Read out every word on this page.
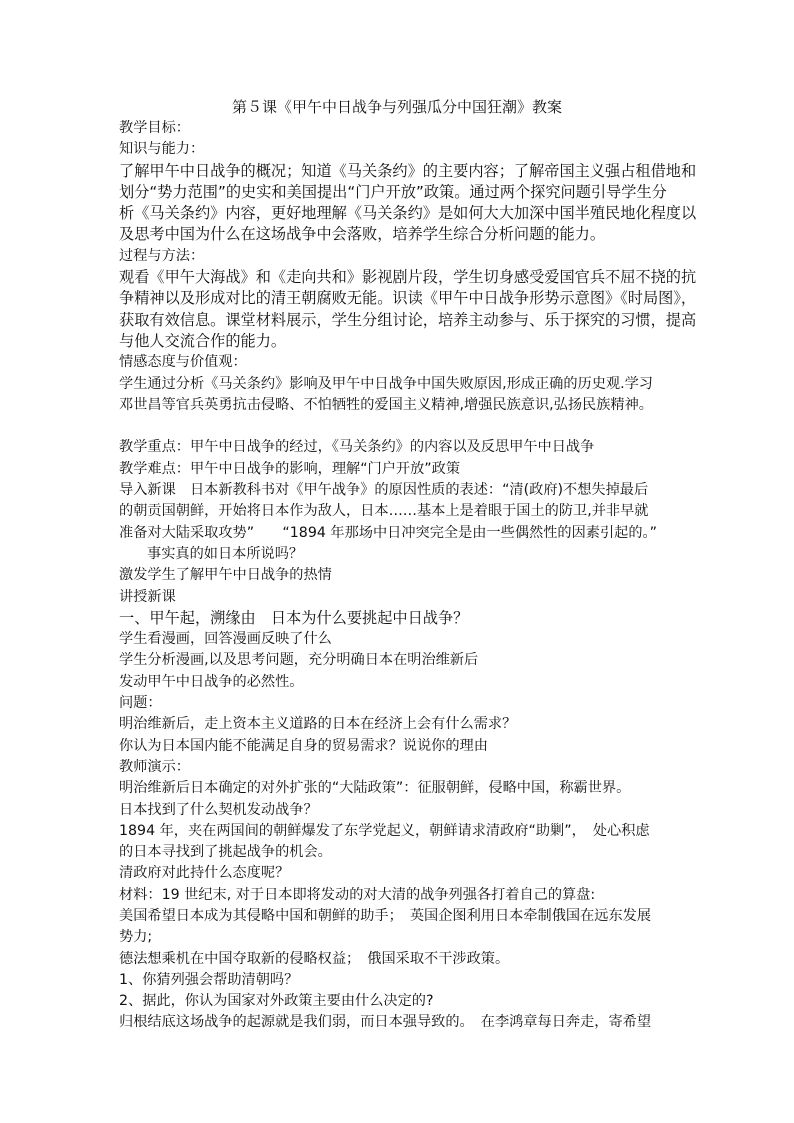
第５课《甲午中日战争与列强瓜分中国狂潮》教案
教学目标：
知识与能力：
了解甲午中日战争的概况；知道《马关条约》的主要内容；了解帝国主义强占租借地和
划分“势力范围”的史实和美国提出“门户开放”政策。通过两个探究问题引导学生分
析《马关条约》内容，更好地理解《马关条约》是如何大大加深中国半殖民地化程度以
及思考中国为什么在这场战争中会落败，培养学生综合分析问题的能力。
过程与方法：
观看《甲午大海战》和《走向共和》影视剧片段，学生切身感受爱国官兵不屈不挠的抗
争精神以及形成对比的清王朝腐败无能。识读《甲午中日战争形势示意图》《时局图》，
获取有效信息。课堂材料展示，学生分组讨论，培养主动参与、乐于探究的习惯，提高
与他人交流合作的能力。
情感态度与价值观：
学生通过分析《马关条约》影响及甲午中日战争中国失败原因,形成正确的历史观.学习
邓世昌等官兵英勇抗击侵略、不怕牺牲的爱国主义精神,增强民族意识,弘扬民族精神。
教学重点：甲午中日战争的经过，《马关条约》的内容以及反思甲午中日战争
教学难点：甲午中日战争的影响，理解“门户开放”政策
导入新课　日本新教科书对《甲午战争》的原因性质的表述：“清(政府)不想失掉最后
的朝贡国朝鲜，开始将日本作为敌人，日本……基本上是着眼于国土的防卫,并非早就
准备对大陆采取攻势”　　“1894 年那场中日冲突完全是由一些偶然性的因素引起的。”
事实真的如日本所说吗？
激发学生了解甲午中日战争的热情
讲授新课
一、甲午起，溯缘由　日本为什么要挑起中日战争？
学生看漫画，回答漫画反映了什么
学生分析漫画,以及思考问题，充分明确日本在明治维新后
发动甲午中日战争的必然性。
问题：
明治维新后，走上资本主义道路的日本在经济上会有什么需求？
你认为日本国内能不能满足自身的贸易需求？说说你的理由
教师演示：
明治维新后日本确定的对外扩张的“大陆政策”：征服朝鲜，侵略中国，称霸世界。
日本找到了什么契机发动战争？
1894 年，夹在两国间的朝鲜爆发了东学党起义，朝鲜请求清政府“助剿”，　处心积虑
的日本寻找到了挑起战争的机会。
清政府对此持什么态度呢？
材料：19 世纪末, 对于日本即将发动的对大清的战争列强各打着自己的算盘:
美国希望日本成为其侵略中国和朝鲜的助手；　英国企图利用日本牵制俄国在远东发展
势力;
德法想乘机在中国夺取新的侵略权益；　俄国采取不干涉政策。
1、你猜列强会帮助清朝吗？
2、据此，你认为国家对外政策主要由什么决定的?
归根结底这场战争的起源就是我们弱，而日本强导致的。　在李鸿章每日奔走，寄希望
